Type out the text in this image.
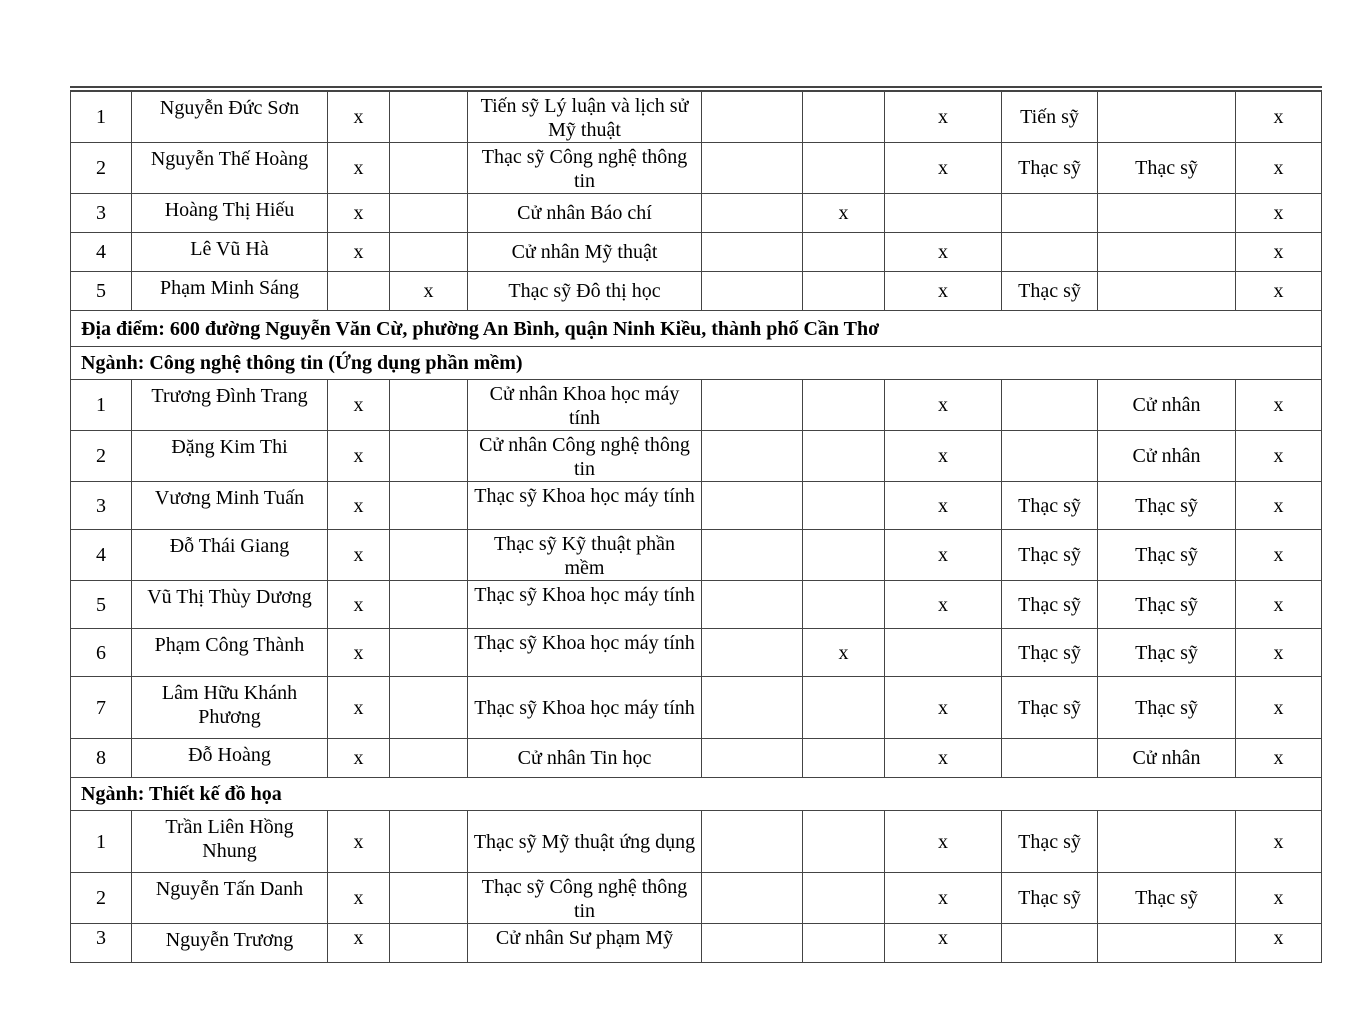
1	Nguyễn Đức Sơn	x		Tiến sỹ Lý luận và lịch sử Mỹ thuật			x	Tiến sỹ		x
2	Nguyễn Thế Hoàng	x		Thạc sỹ Công nghệ thông tin			x	Thạc sỹ	Thạc sỹ	x
3	Hoàng Thị Hiếu	x		Cử nhân Báo chí		x				x
4	Lê Vũ Hà	x		Cử nhân Mỹ thuật			x			x
5	Phạm Minh Sáng		x	Thạc sỹ Đô thị học			x	Thạc sỹ		x
Địa điểm: 600 đường Nguyễn Văn Cừ, phường An Bình, quận Ninh Kiều, thành phố Cần Thơ										
Ngành: Công nghệ thông tin (Ứng dụng phần mềm)										
1	Trương Đình Trang	x		Cử nhân Khoa học máy tính			x		Cử nhân	x
2	Đặng Kim Thi	x		Cử nhân Công nghệ thông tin			x		Cử nhân	x
3	Vương Minh Tuấn	x		Thạc sỹ Khoa học máy tính			x	Thạc sỹ	Thạc sỹ	x
4	Đỗ Thái Giang	x		Thạc sỹ Kỹ thuật phần mềm			x	Thạc sỹ	Thạc sỹ	x
5	Vũ Thị Thùy Dương	x		Thạc sỹ Khoa học máy tính			x	Thạc sỹ	Thạc sỹ	x
6	Phạm Công Thành	x		Thạc sỹ Khoa học máy tính		x		Thạc sỹ	Thạc sỹ	x
7	Lâm Hữu Khánh Phương	x		Thạc sỹ Khoa học máy tính			x	Thạc sỹ	Thạc sỹ	x
8	Đỗ Hoàng	x		Cử nhân Tin học			x		Cử nhân	x
Ngành: Thiết kế đồ họa										
1	Trần Liên Hồng Nhung	x		Thạc sỹ Mỹ thuật ứng dụng			x	Thạc sỹ		x
2	Nguyễn Tấn Danh	x		Thạc sỹ Công nghệ thông tin			x	Thạc sỹ	Thạc sỹ	x
3	Nguyễn Trương	x		Cử nhân Sư phạm Mỹ			x			x
